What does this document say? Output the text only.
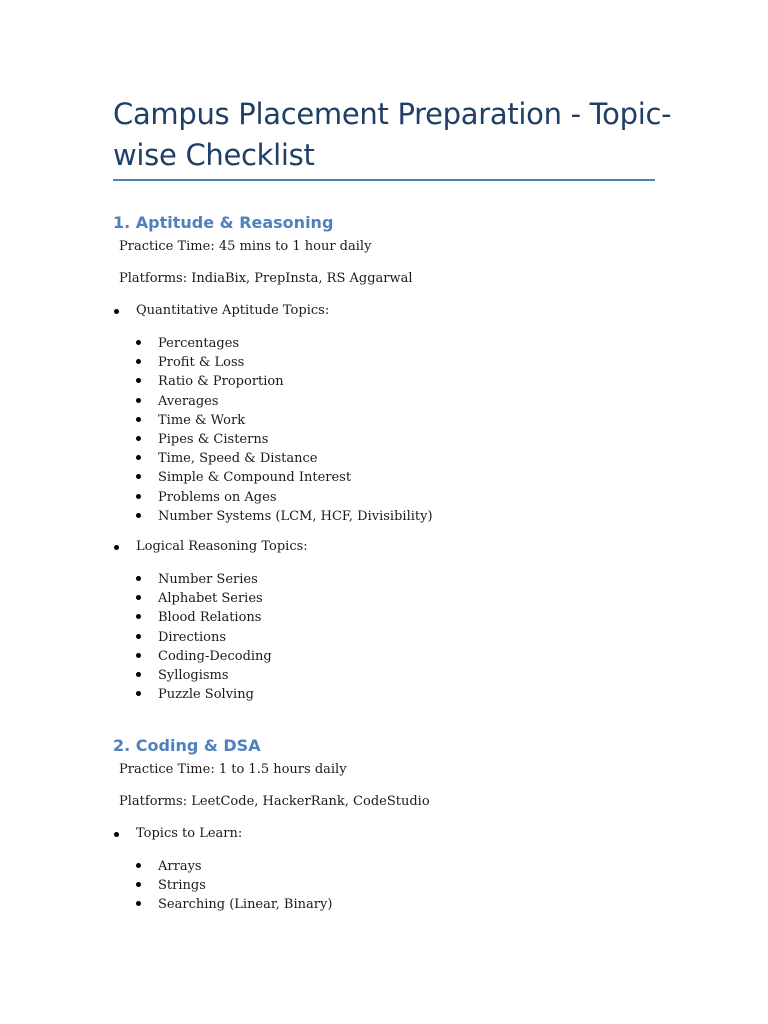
Campus Placement Preparation - Topic-wise Checklist
1. Aptitude & Reasoning

Practice Time: 45 mins to 1 hour daily

Platforms: IndiaBix, PrepInsta, RS Aggarwal

Quantitative Aptitude Topics:
Percentages
Profit & Loss
Ratio & Proportion
Averages
Time & Work
Pipes & Cisterns
Time, Speed & Distance
Simple & Compound Interest
Problems on Ages
Number Systems (LCM, HCF, Divisibility)
Logical Reasoning Topics:
Number Series
Alphabet Series
Blood Relations
Directions
Coding-Decoding
Syllogisms
Puzzle Solving
2. Coding & DSA

Practice Time: 1 to 1.5 hours daily

Platforms: LeetCode, HackerRank, CodeStudio

Topics to Learn:
Arrays
Strings
Searching (Linear, Binary)
